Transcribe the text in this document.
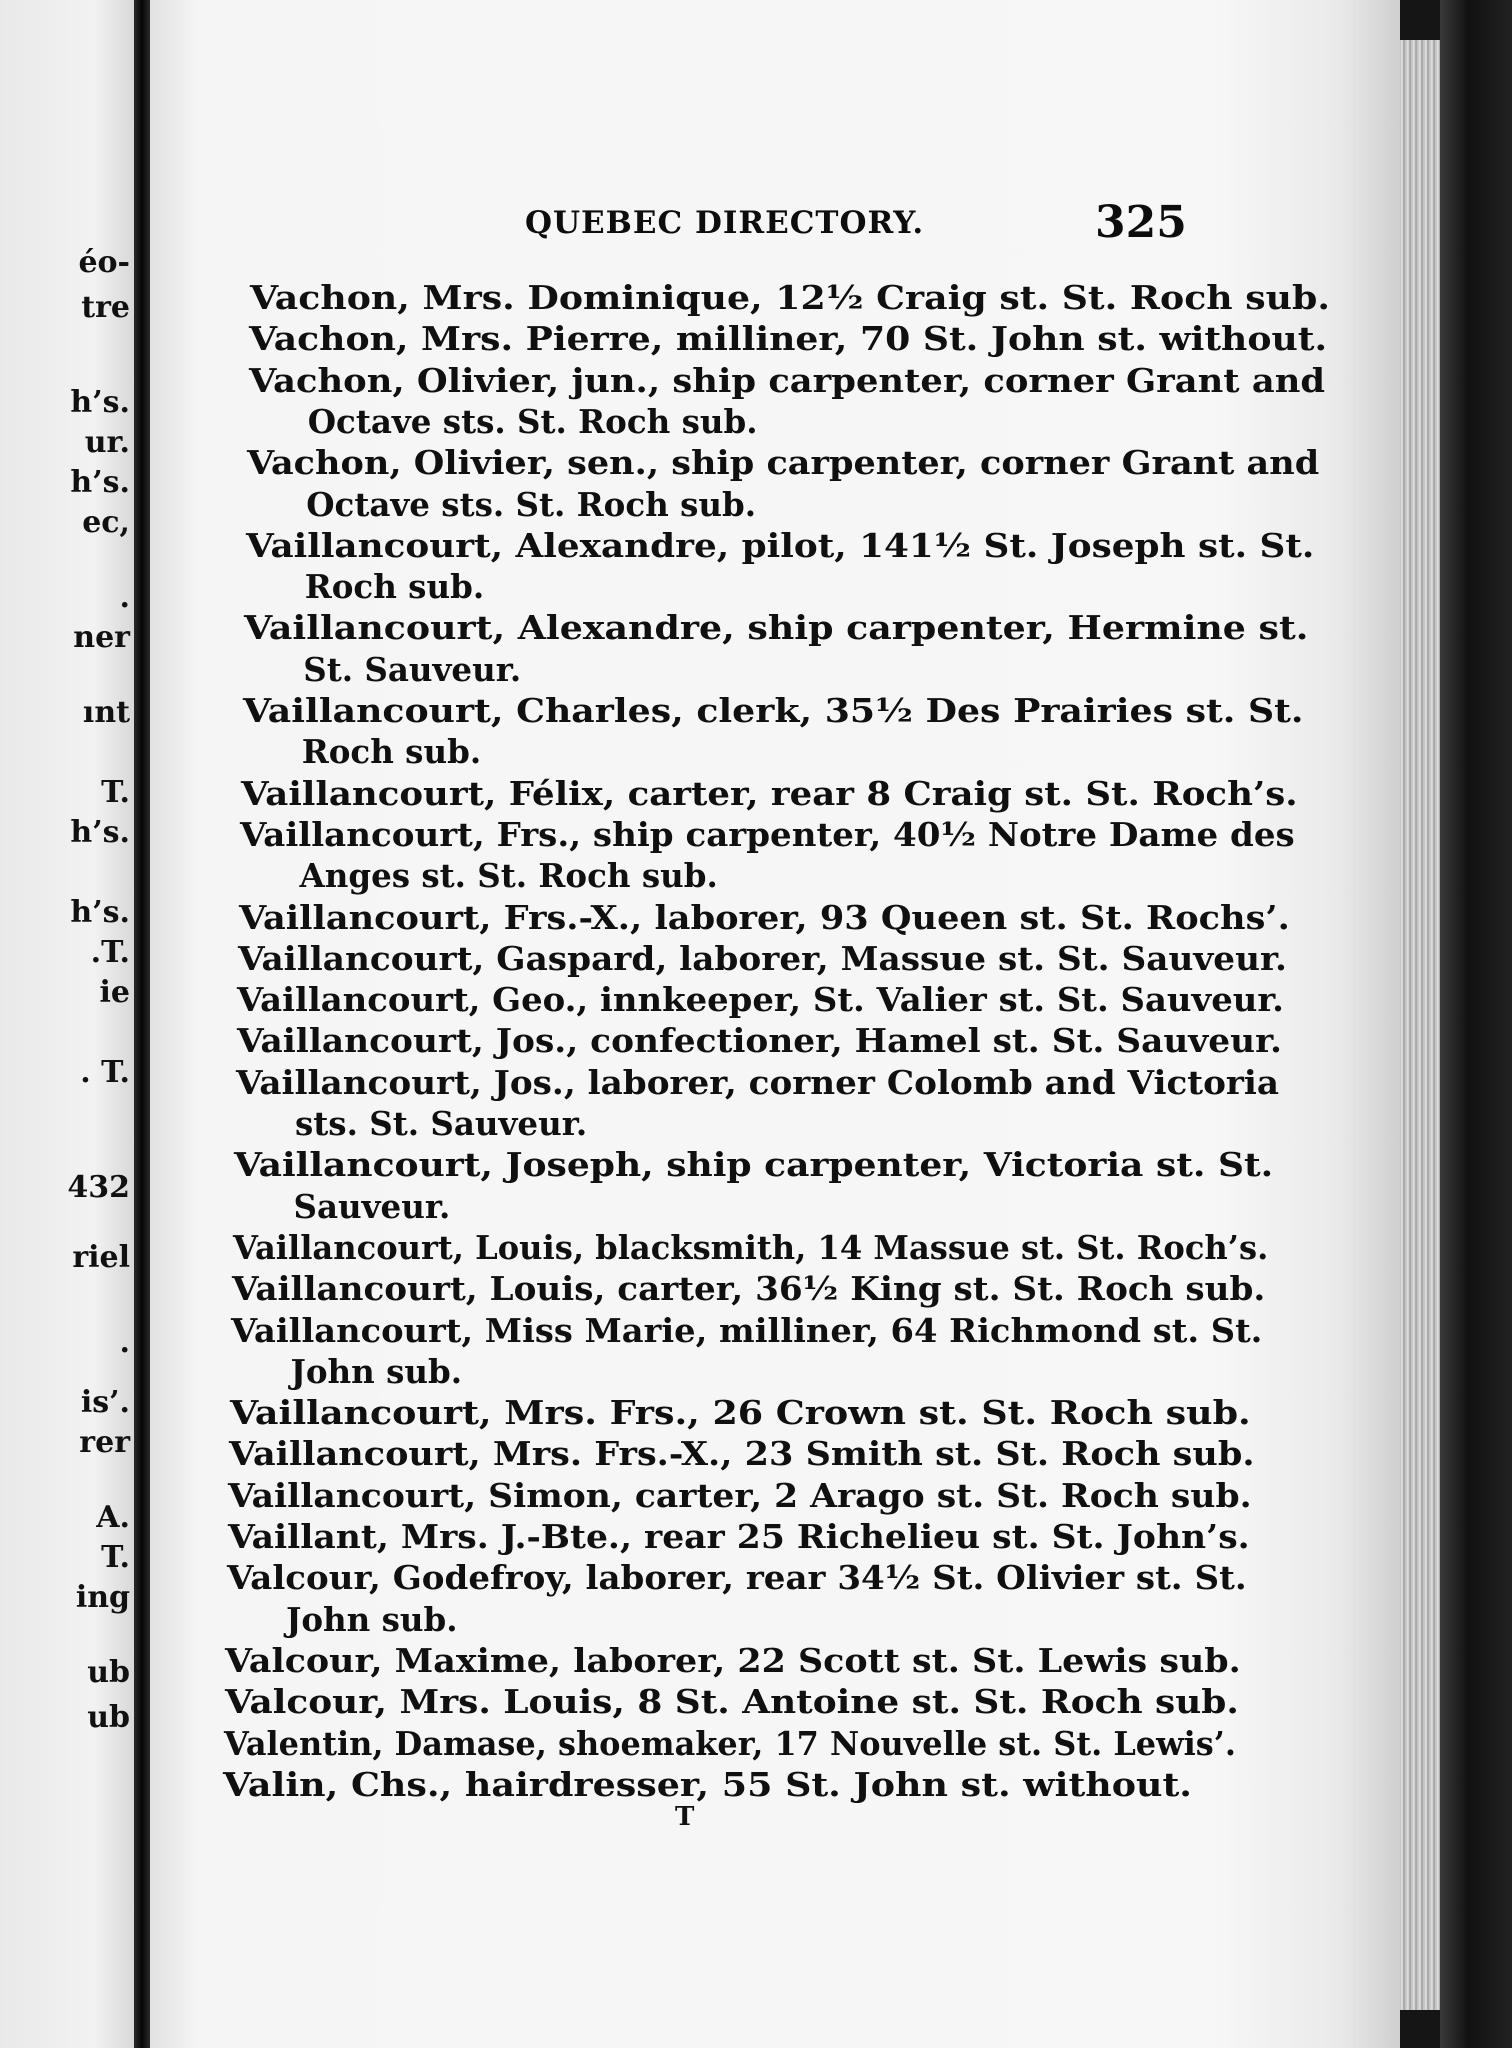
éo-
tre
h’s.
ur.
h’s.
ec,
.
ner
ınt
T.
h’s.
h’s.
.T.
ie
. T.
432
riel
.
is’.
rer
A.
T.
ing
ub
ub
QUEBEC DIRECTORY.	325
Vachon, Mrs. Dominique, 12½ Craig st. St. Roch sub.
Vachon, Mrs. Pierre, milliner, 70 St. John st. without.
Vachon, Olivier, jun., ship carpenter, corner Grant and
Octave sts. St. Roch sub.
Vachon, Olivier, sen., ship carpenter, corner Grant and
Octave sts. St. Roch sub.
Vaillancourt, Alexandre, pilot, 141½ St. Joseph st. St.
Roch sub.
Vaillancourt, Alexandre, ship carpenter, Hermine st.
St. Sauveur.
Vaillancourt, Charles, clerk, 35½ Des Prairies st. St.
Roch sub.
Vaillancourt, Félix, carter, rear 8 Craig st. St. Roch’s.
Vaillancourt, Frs., ship carpenter, 40½ Notre Dame des
Anges st. St. Roch sub.
Vaillancourt, Frs.-X., laborer, 93 Queen st. St. Rochs’.
Vaillancourt, Gaspard, laborer, Massue st. St. Sauveur.
Vaillancourt, Geo., innkeeper, St. Valier st. St. Sauveur.
Vaillancourt, Jos., confectioner, Hamel st. St. Sauveur.
Vaillancourt, Jos., laborer, corner Colomb and Victoria
sts. St. Sauveur.
Vaillancourt, Joseph, ship carpenter, Victoria st. St.
Sauveur.
Vaillancourt, Louis, blacksmith, 14 Massue st. St. Roch’s.
Vaillancourt, Louis, carter, 36½ King st. St. Roch sub.
Vaillancourt, Miss Marie, milliner, 64 Richmond st. St.
John sub.
Vaillancourt, Mrs. Frs., 26 Crown st. St. Roch sub.
Vaillancourt, Mrs. Frs.-X., 23 Smith st. St. Roch sub.
Vaillancourt, Simon, carter, 2 Arago st. St. Roch sub.
Vaillant, Mrs. J.-Bte., rear 25 Richelieu st. St. John’s.
Valcour, Godefroy, laborer, rear 34½ St. Olivier st. St.
John sub.
Valcour, Maxime, laborer, 22 Scott st. St. Lewis sub.
Valcour, Mrs. Louis, 8 St. Antoine st. St. Roch sub.
Valentin, Damase, shoemaker, 17 Nouvelle st. St. Lewis’.
Valin, Chs., hairdresser, 55 St. John st. without.
T
